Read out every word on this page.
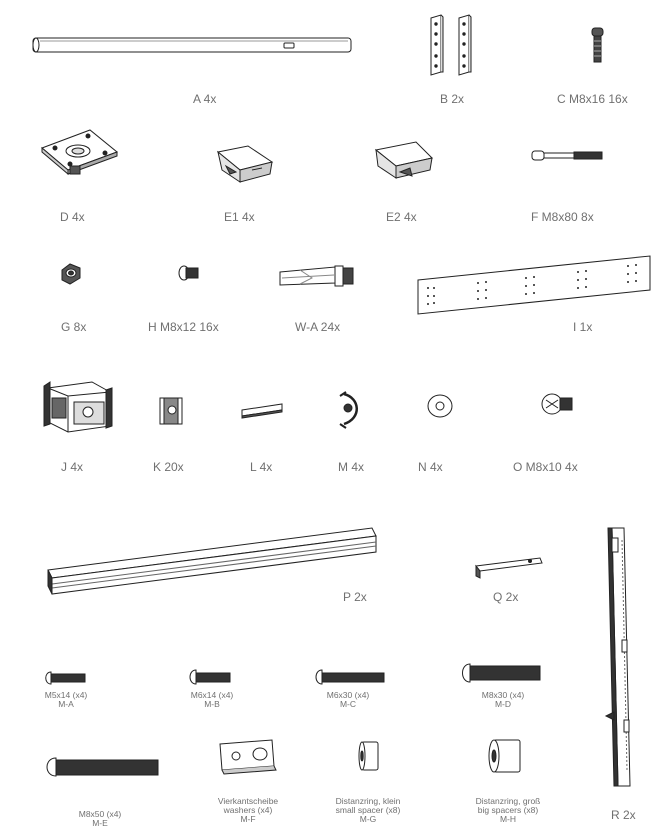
A 4x	B 2x	C M8x16 16x
D 4x	E1 4x	E2 4x	F M8x80 8x
G 8x	H M8x12 16x	W-A 24x	I 1x
J 4x	K 20x	L 4x	M 4x	N 4x	O M8x10 4x
P 2x	Q 2x
R 2x
M5x14 (x4)
M-A
M6x14 (x4)
M-B
M6x30 (x4)
M-C
M8x30 (x4)
M-D
M8x50 (x4)
M-E
Vierkantscheibe
washers (x4)
M-F
Distanzring, klein
small spacer (x8)
M-G
Distanzring, groß
big spacers (x8)
M-H
